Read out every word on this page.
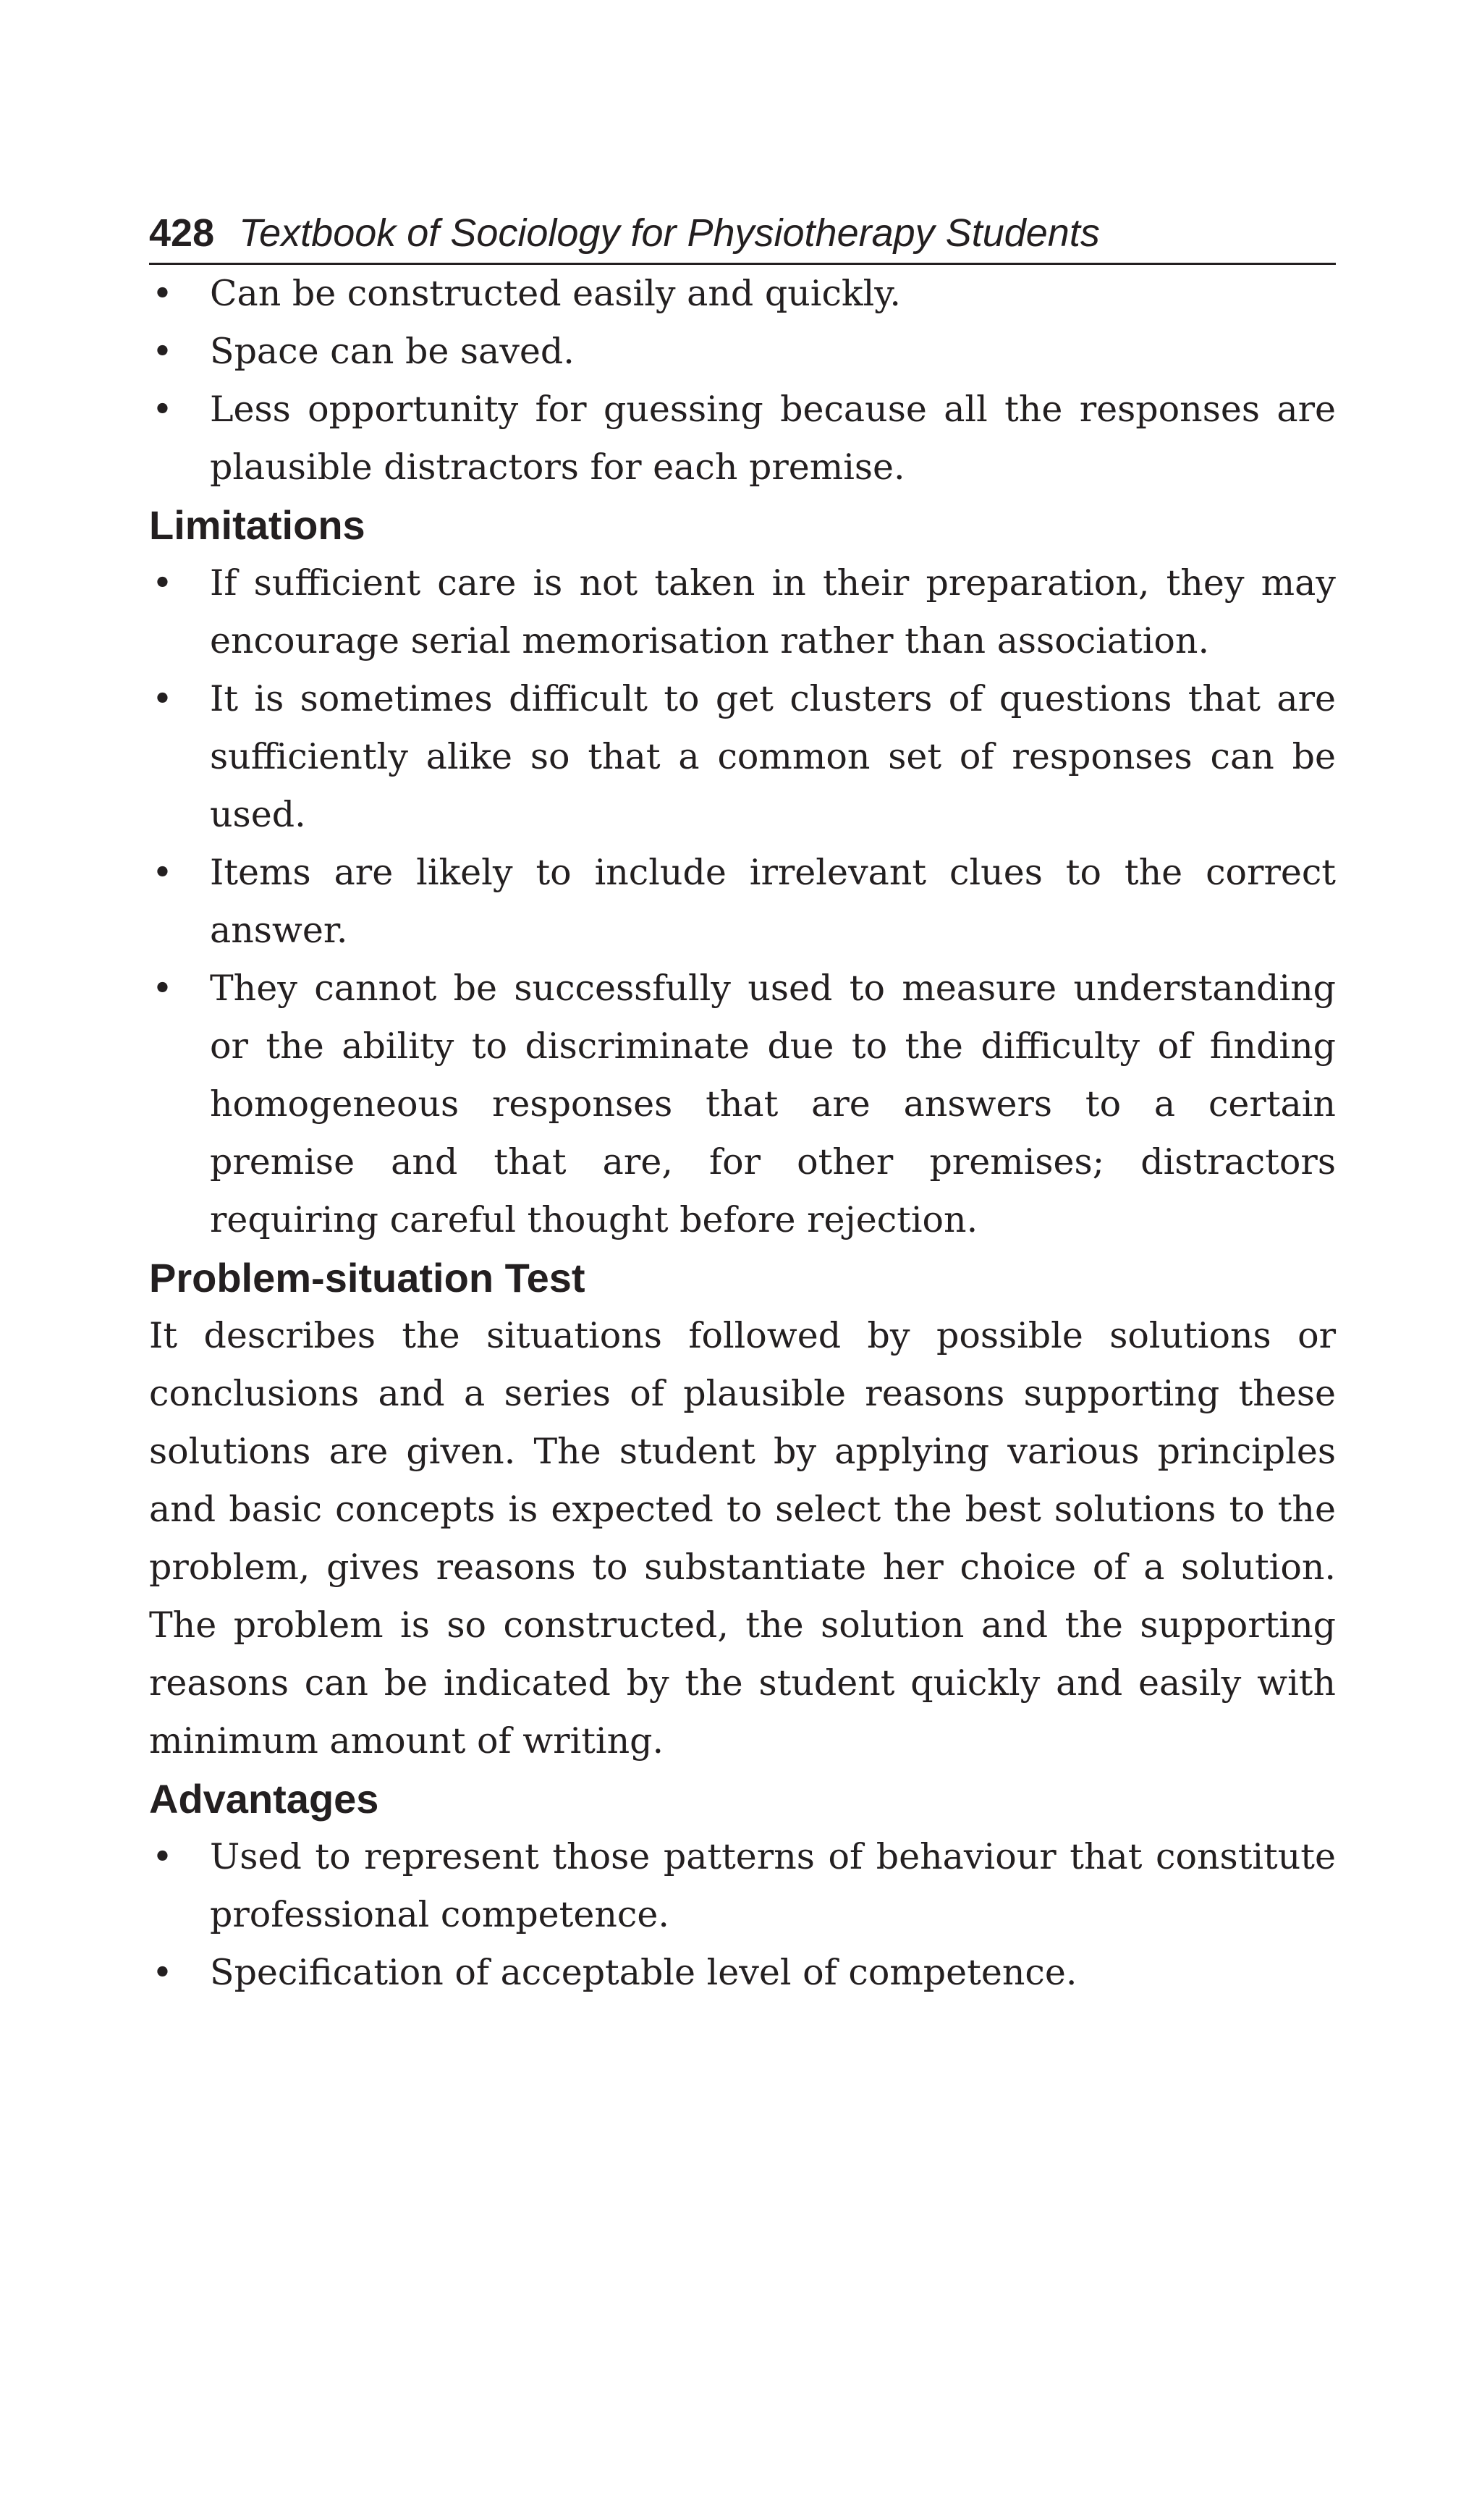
428 Textbook of Sociology for Physiotherapy Students
• Can be constructed easily and quickly.
• Space can be saved.
• Less opportunity for guessing because all the responses are plausible distractors for each premise.
Limitations
• If sufficient care is not taken in their preparation, they may encourage serial memorisation rather than association.
• It is sometimes difficult to get clusters of questions that are sufficiently alike so that a common set of responses can be used.
• Items are likely to include irrelevant clues to the correct answer.
• They cannot be successfully used to measure understanding or the ability to discriminate due to the difficulty of finding homogeneous responses that are answers to a certain premise and that are, for other premises; distractors requiring careful thought before rejection.
Problem-situation Test

It describes the situations followed by possible solutions or conclusions and a series of plausible reasons supporting these solutions are given. The student by applying various principles and basic concepts is expected to select the best solutions to the problem, gives reasons to substantiate her choice of a solution. The problem is so constructed, the solution and the supporting reasons can be indicated by the student quickly and easily with minimum amount of writing.

Advantages
• Used to represent those patterns of behaviour that constitute professional competence.
• Specification of acceptable level of competence.
